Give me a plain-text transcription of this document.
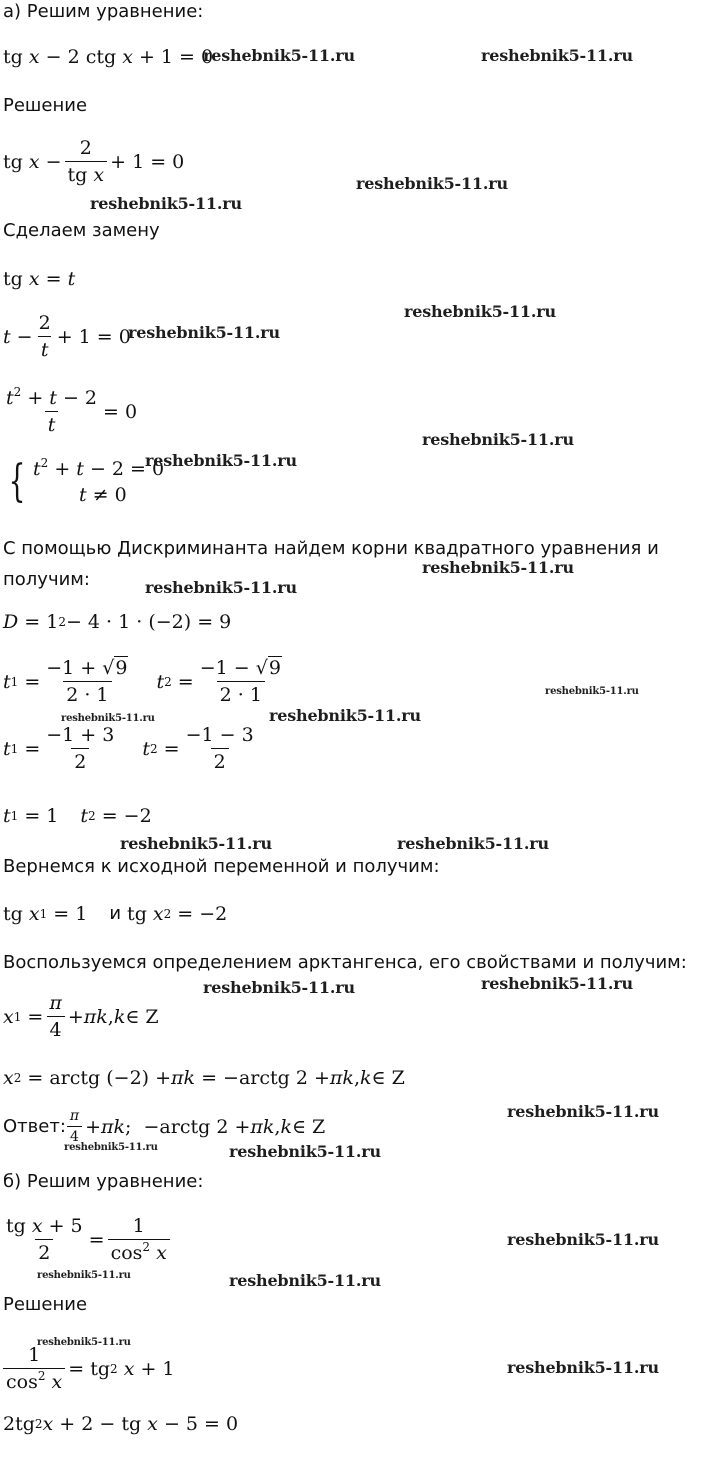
а) Решим уравнение:
tg x − 2 ctg x + 1 = 0
Решение
tg $x - \frac{2}{\text{tg x}} + 1 = 0$
Сделаем замену
tg x = t
$t - \frac{2}{t} + 1 = 0$
$\frac{t^2 + t - 2}{t} = 0$
{ $t^2 + t - 2 = 0$
t ≠ 0
С помощью Дискриминанта найдем корни квадратного уравнения и получим:
D = 1 2 − 4 · 1 · (−2) = 9
t $1 = \frac{-1 + √9}{2 \cdot 1}$ t $2 = \frac{-1 - √9}{2 \cdot 1}$
t $1 = \frac{-1 + 3}{2}$ t $2 = \frac{-1 - 3}{2}$
t 1 = 1 t 2 = −2
Вернемся к исходной переменной и получим:
tg x 1 = 1 и tg x 2 = −2
Воспользуемся определением арктангенса, его свойствами и получим:
x $1 = \frac{\pi}{4} + \pi k$ , k ∈ Z
x 2 = arctg (−2) + πk = −arctg 2 + πk , k ∈ Z
Ответ: $\frac{\pi}{4} + \pi k$ ;  −arctg 2 + πk , k ∈ Z
б) Решим уравнение:
$\frac{\text{tg x + 5}}{2} = \frac{1}{\cos^2 x}$
Решение
$\frac{1}{\cos^2 x}$ = tg 2 x + 1
2tg 2 x + 2 − tg x − 5 = 0
reshebnik5-11.ru	reshebnik5-11.ru
reshebnik5-11.ru
reshebnik5-11.ru
reshebnik5-11.ru
reshebnik5-11.ru
reshebnik5-11.ru
reshebnik5-11.ru
reshebnik5-11.ru
reshebnik5-11.ru
reshebnik5-11.ru
reshebnik5-11.ru
reshebnik5-11.ru
reshebnik5-11.ru	reshebnik5-11.ru
reshebnik5-11.ru
reshebnik5-11.ru
reshebnik5-11.ru
reshebnik5-11.ru	reshebnik5-11.ru
reshebnik5-11.ru
reshebnik5-11.ru	reshebnik5-11.ru
reshebnik5-11.ru
reshebnik5-11.ru
